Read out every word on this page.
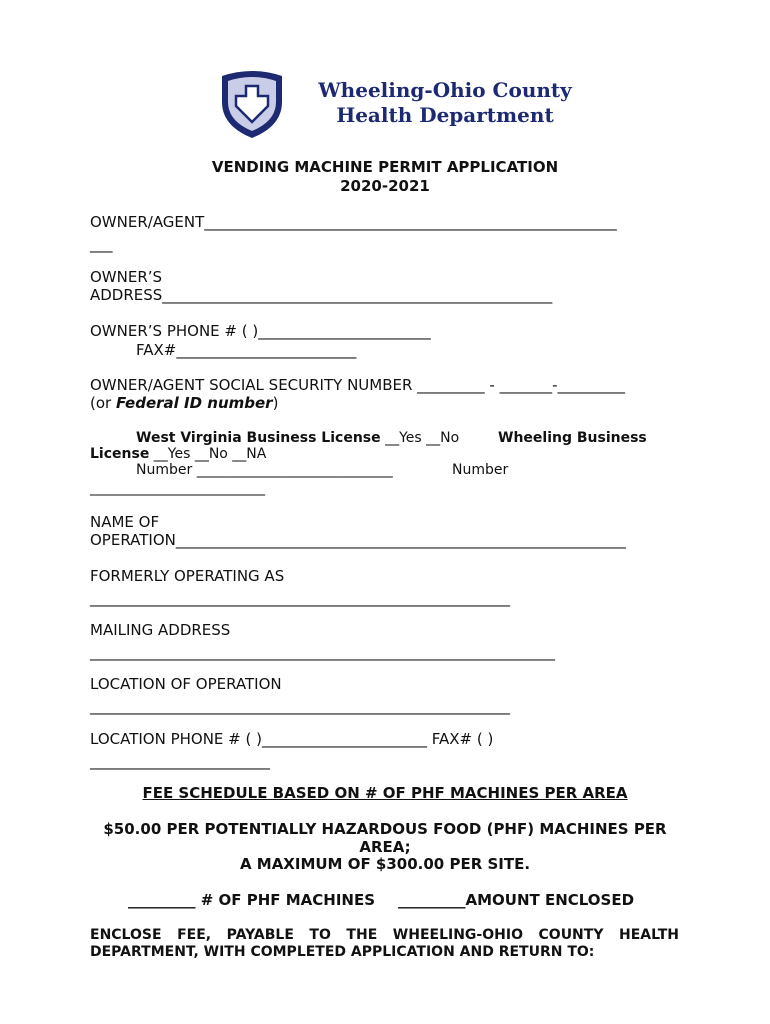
Wheeling-Ohio County
Health Department
VENDING MACHINE PERMIT APPLICATION
2020-2021
OWNER/AGENT_______________________________________________________
___
OWNER’S
ADDRESS____________________________________________________
OWNER’S PHONE # ( )_______________________
FAX#________________________
OWNER/AGENT SOCIAL SECURITY NUMBER _________ - _______-_________
(or Federal ID number)
West Virginia Business License __Yes __No	Wheeling Business
License __Yes __No __NA
Number ____________________________	Number
_________________________
NAME OF
OPERATION____________________________________________________________
FORMERLY OPERATING AS
________________________________________________________
MAILING ADDRESS
______________________________________________________________
LOCATION OF OPERATION
________________________________________________________
LOCATION PHONE # ( )______________________ FAX# ( )
________________________
FEE SCHEDULE BASED ON # OF PHF MACHINES PER AREA
$50.00 PER POTENTIALLY HAZARDOUS FOOD (PHF) MACHINES PER
AREA;
A MAXIMUM OF $300.00 PER SITE.
_________ # OF PHF MACHINES _________AMOUNT ENCLOSED
ENCLOSE FEE, PAYABLE TO THE WHEELING-OHIO COUNTY HEALTH
DEPARTMENT, WITH COMPLETED APPLICATION AND RETURN TO:
